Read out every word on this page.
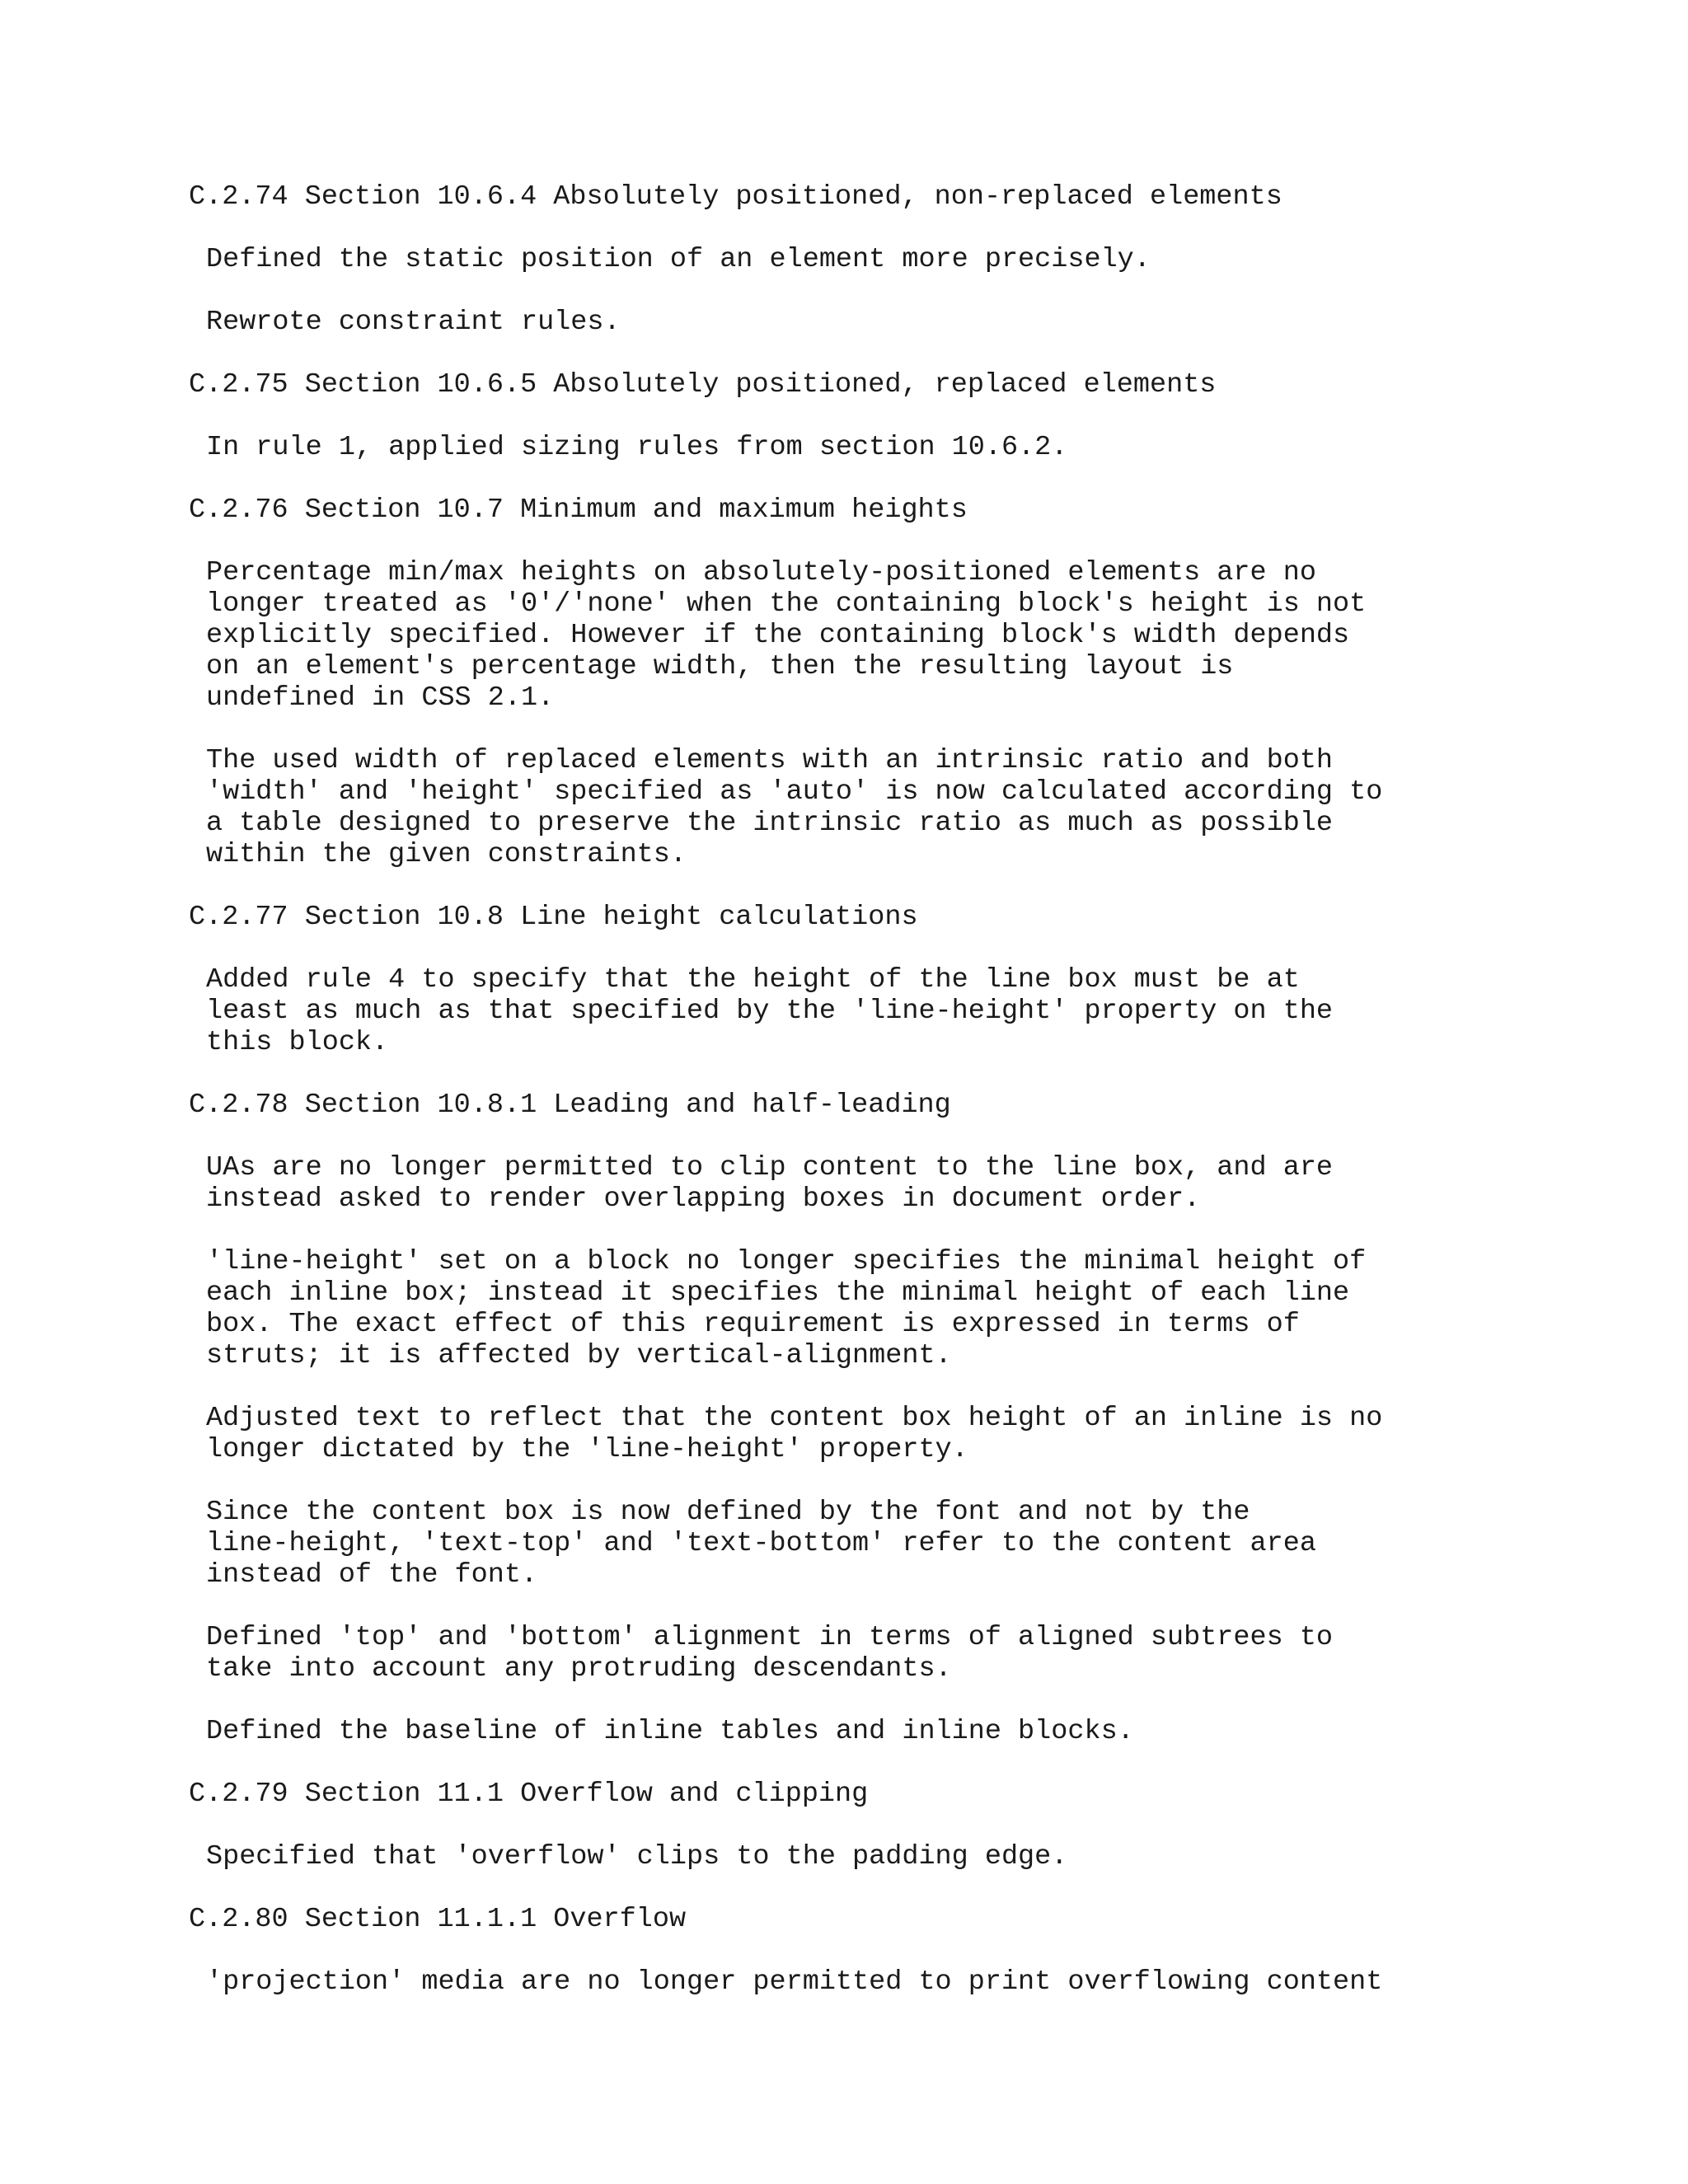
C.2.74 Section 10.6.4 Absolutely positioned, non-replaced elements
Defined the static position of an element more precisely.
Rewrote constraint rules.
C.2.75 Section 10.6.5 Absolutely positioned, replaced elements
In rule 1, applied sizing rules from section 10.6.2.
C.2.76 Section 10.7 Minimum and maximum heights
Percentage min/max heights on absolutely-positioned elements are no
longer treated as '0'/'none' when the containing block's height is not
explicitly specified. However if the containing block's width depends
on an element's percentage width, then the resulting layout is
undefined in CSS 2.1.
The used width of replaced elements with an intrinsic ratio and both
'width' and 'height' specified as 'auto' is now calculated according to
a table designed to preserve the intrinsic ratio as much as possible
within the given constraints.
C.2.77 Section 10.8 Line height calculations
Added rule 4 to specify that the height of the line box must be at
least as much as that specified by the 'line-height' property on the
this block.
C.2.78 Section 10.8.1 Leading and half-leading
UAs are no longer permitted to clip content to the line box, and are
instead asked to render overlapping boxes in document order.
'line-height' set on a block no longer specifies the minimal height of
each inline box; instead it specifies the minimal height of each line
box. The exact effect of this requirement is expressed in terms of
struts; it is affected by vertical-alignment.
Adjusted text to reflect that the content box height of an inline is no
longer dictated by the 'line-height' property.
Since the content box is now defined by the font and not by the
line-height, 'text-top' and 'text-bottom' refer to the content area
instead of the font.
Defined 'top' and 'bottom' alignment in terms of aligned subtrees to
take into account any protruding descendants.
Defined the baseline of inline tables and inline blocks.
C.2.79 Section 11.1 Overflow and clipping
Specified that 'overflow' clips to the padding edge.
C.2.80 Section 11.1.1 Overflow
'projection' media are no longer permitted to print overflowing content
